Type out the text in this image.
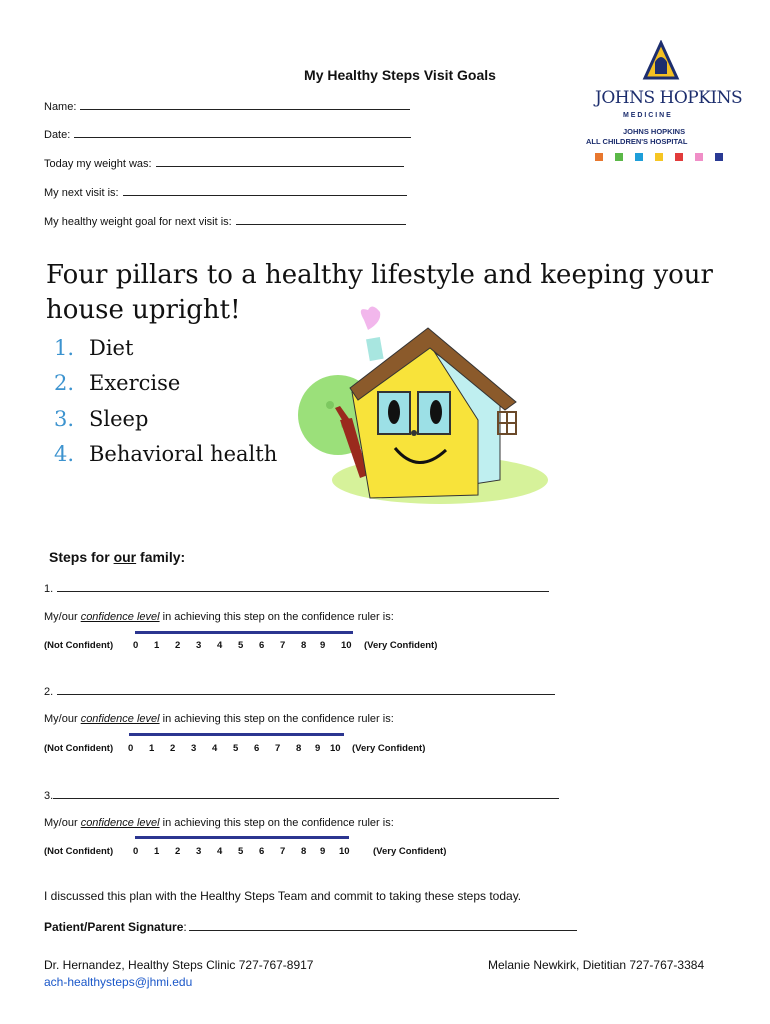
My Healthy Steps Visit Goals
Name:
Date:
Today my weight was:
My next visit is:
My healthy weight goal for next visit is:
JOHNS HOPKINS
M E D I C I N E
JOHNS HOPKINS
ALL CHILDREN'S HOSPITAL
Four pillars to a healthy lifestyle and keeping your house upright!
1. Diet
2. Exercise
3. Sleep
4. Behavioral health
Steps for our family:
1.
My/our confidence level in achieving this step on the confidence ruler is:
(Not Confident) 0 1 2 3 4 5 6 7 8 9 10 (Very Confident)
2.
My/our confidence level in achieving this step on the confidence ruler is:
(Not Confident) 0 1 2 3 4 5 6 7 8 9 10 (Very Confident)
3.
My/our confidence level in achieving this step on the confidence ruler is:
(Not Confident) 0 1 2 3 4 5 6 7 8 9 10 (Very Confident)
I discussed this plan with the Healthy Steps Team and commit to taking these steps today.
Patient/Parent Signature:
Dr. Hernandez, Healthy Steps Clinic 727-767-8917
ach-healthysteps@jhmi.edu
Melanie Newkirk, Dietitian 727-767-3384
